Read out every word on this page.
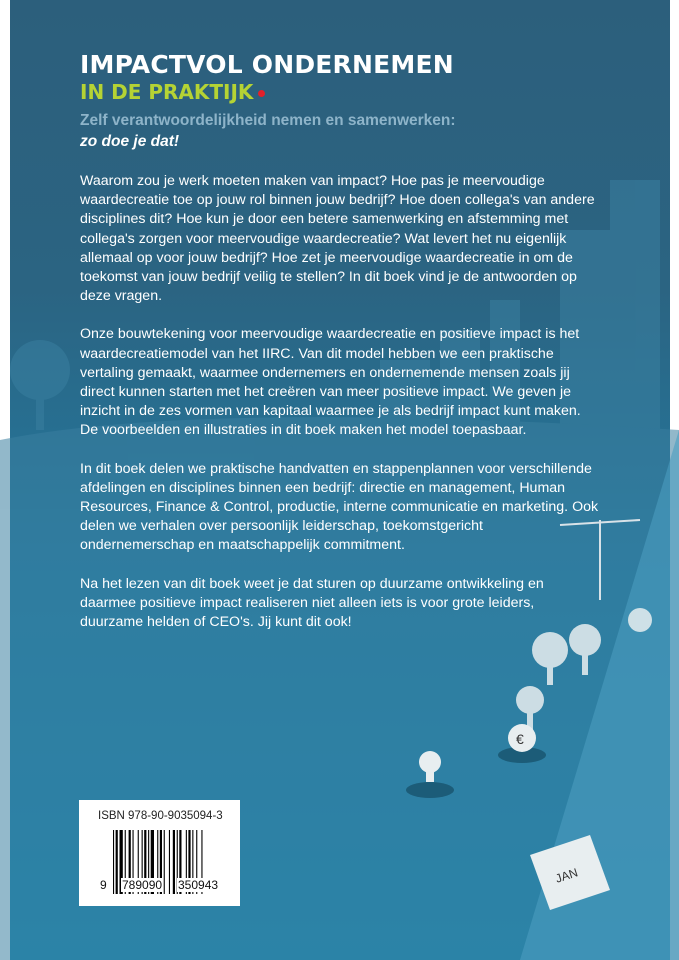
€
JAN
IMPACTVOL ONDERNEMEN
IN DE PRAKTIJK
Zelf verantwoordelijkheid nemen en samenwerken:
zo doe je dat!

Waarom zou je werk moeten maken van impact? Hoe pas je meervoudige waardecreatie toe op jouw rol binnen jouw bedrijf? Hoe doen collega's van andere disciplines dit? Hoe kun je door een betere samenwerking en afstemming met collega's zorgen voor meervoudige waardecreatie? Wat levert het nu eigenlijk allemaal op voor jouw bedrijf? Hoe zet je meervoudige waardecreatie in om de toekomst van jouw bedrijf veilig te stellen? In dit boek vind je de antwoorden op deze vragen.

Onze bouwtekening voor meervoudige waardecreatie en positieve impact is het waardecreatiemodel van het IIRC. Van dit model hebben we een praktische vertaling gemaakt, waarmee ondernemers en ondernemende mensen zoals jij direct kunnen starten met het creëren van meer positieve impact. We geven je inzicht in de zes vormen van kapitaal waarmee je als bedrijf impact kunt maken. De voorbeelden en illustraties in dit boek maken het model toepasbaar.

In dit boek delen we praktische handvatten en stappenplannen voor verschillende afdelingen en disciplines binnen een bedrijf: directie en management, Human Resources, Finance & Control, productie, interne communicatie en marketing. Ook delen we verhalen over persoonlijk leiderschap, toekomstgericht ondernemerschap en maatschappelijk commitment.

Na het lezen van dit boek weet je dat sturen op duurzame ontwikkeling en daarmee positieve impact realiseren niet alleen iets is voor grote leiders, duurzame helden of CEO's. Jij kunt dit ook!

ISBN 978-90-9035094-3
9 789090 350943
